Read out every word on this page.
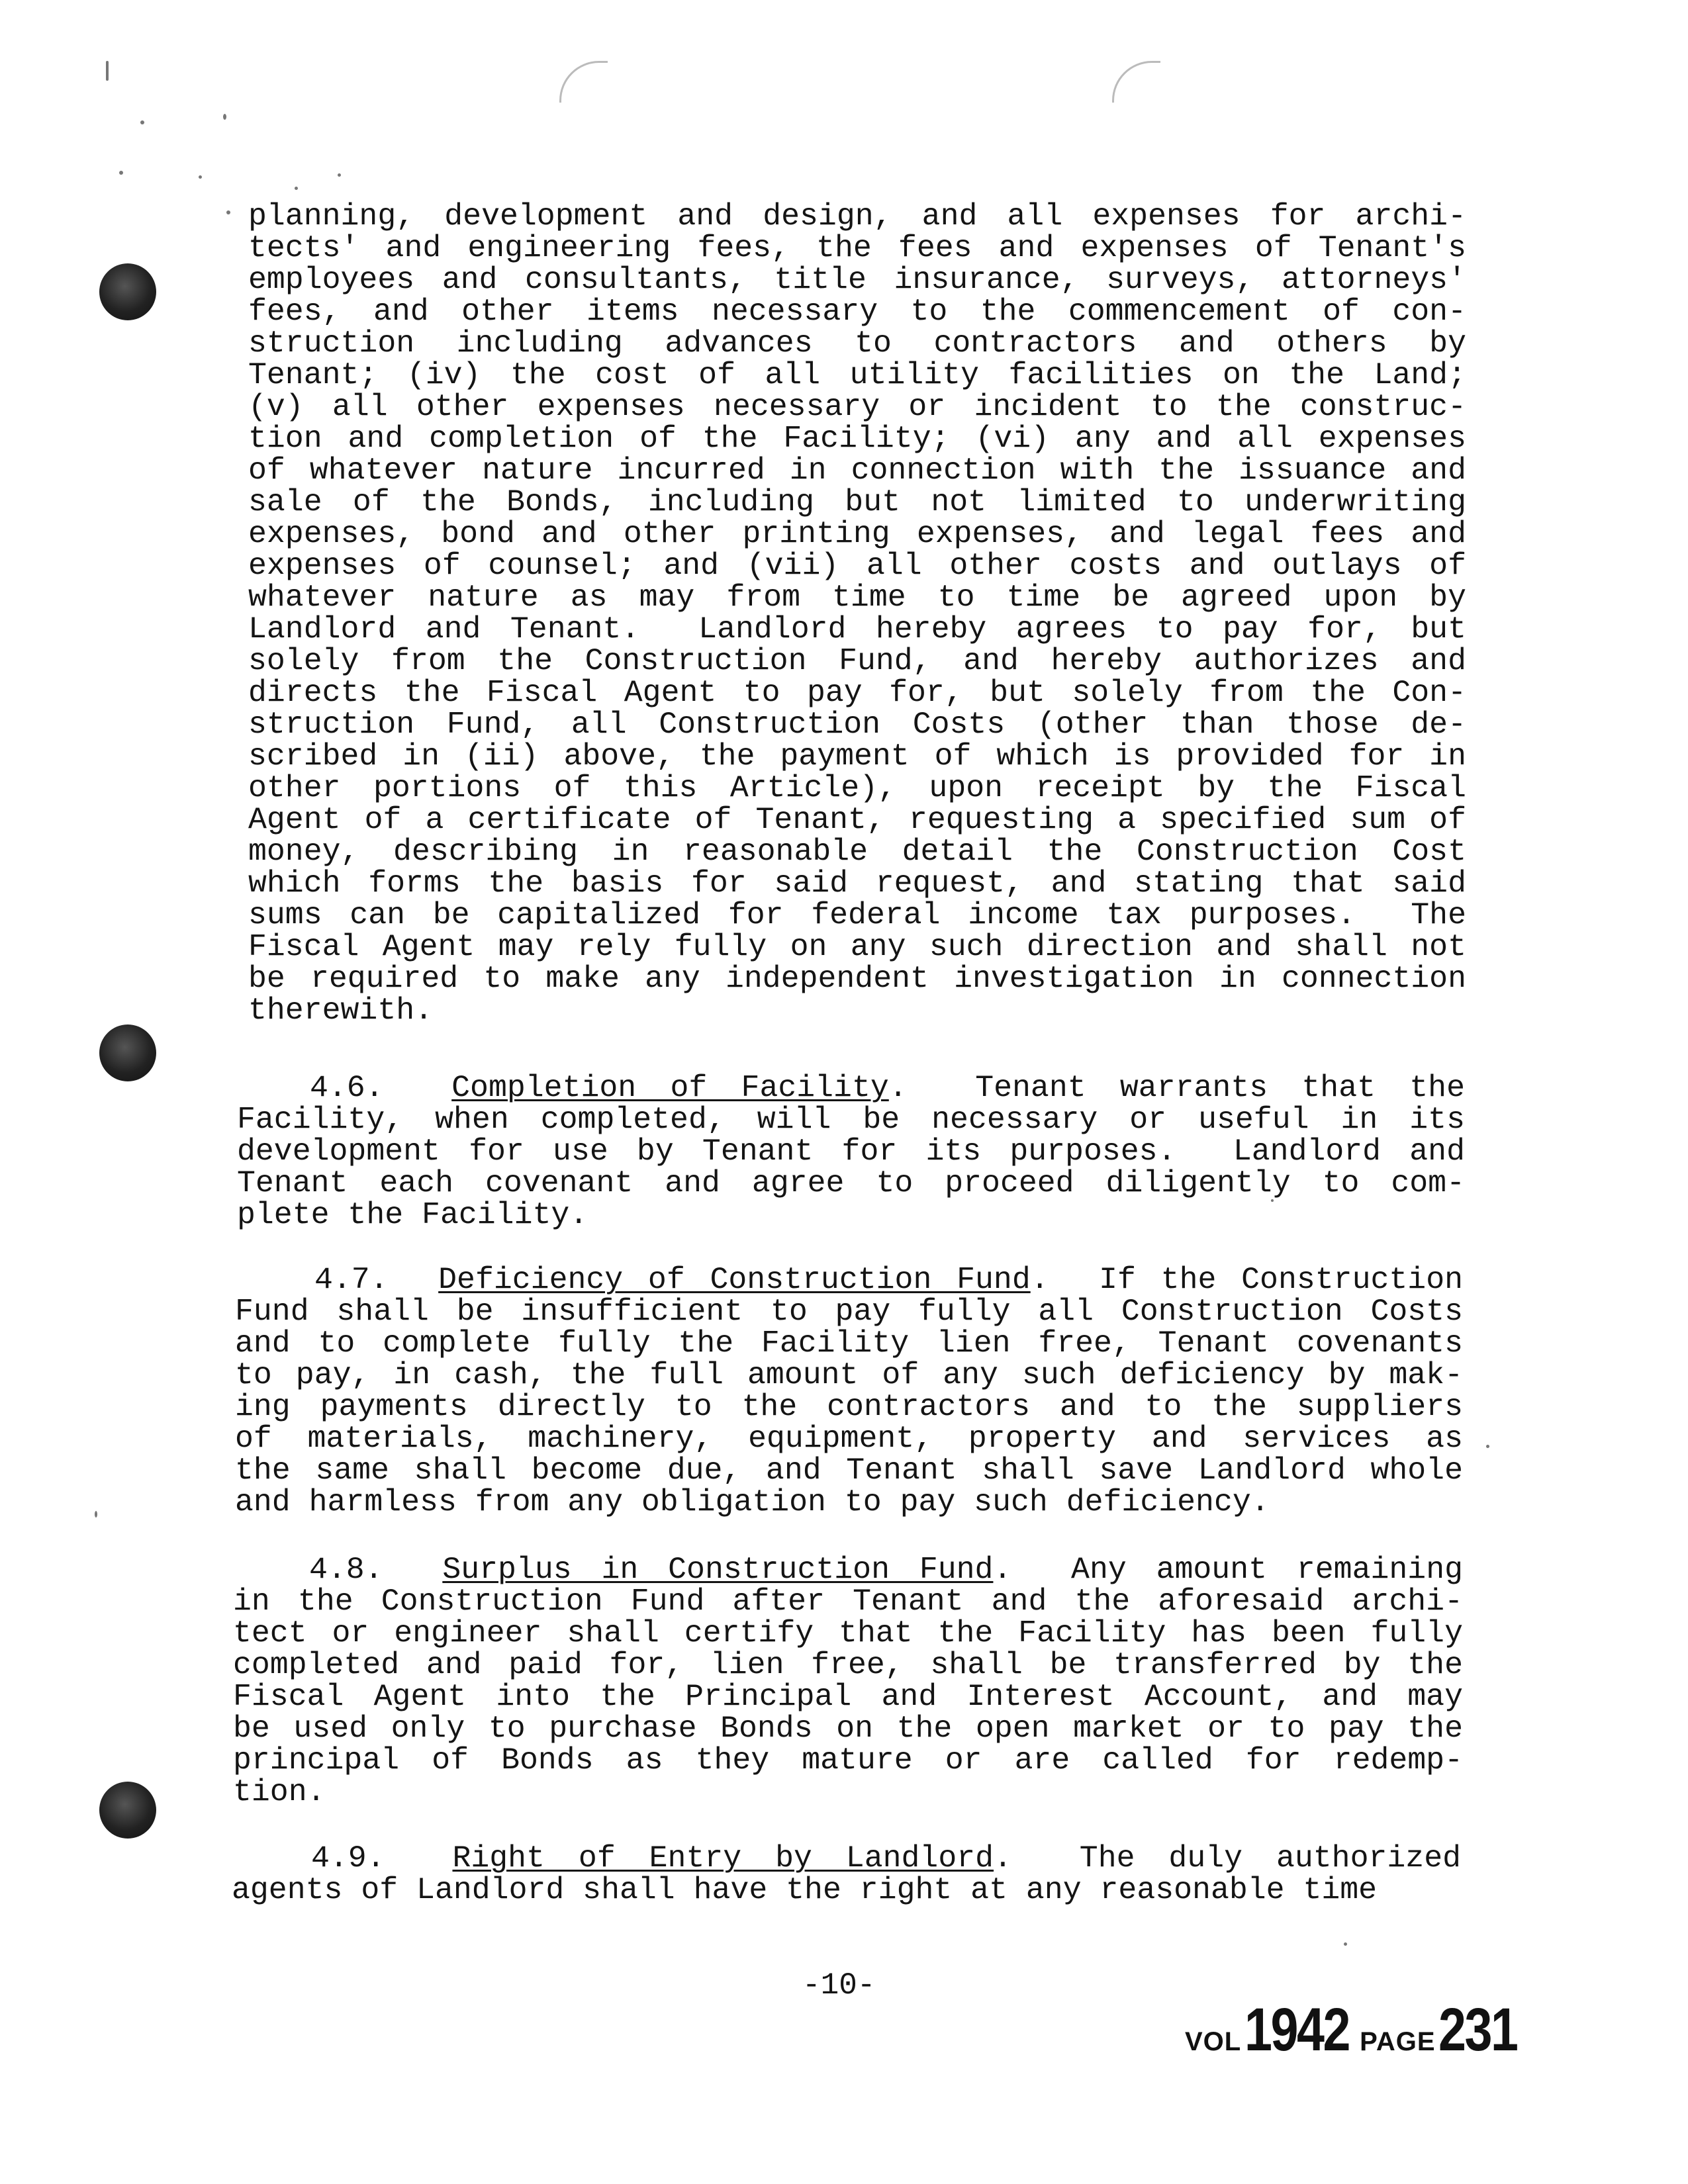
planning, development and design, and all expenses for archi-
tects' and engineering fees, the fees and expenses of Tenant's
employees and consultants, title insurance, surveys, attorneys'
fees, and other items necessary to the commencement of con-
struction including advances to contractors and others by
Tenant; (iv) the cost of all utility facilities on the Land;
(v) all other expenses necessary or incident to the construc-
tion and completion of the Facility; (vi) any and all expenses
of whatever nature incurred in connection with the issuance and
sale of the Bonds, including but not limited to underwriting
expenses, bond and other printing expenses, and legal fees and
expenses of counsel; and (vii) all other costs and outlays of
whatever nature as may from time to time be agreed upon by
Landlord and Tenant.  Landlord hereby agrees to pay for, but
solely from the Construction Fund, and hereby authorizes and
directs the Fiscal Agent to pay for, but solely from the Con-
struction Fund, all Construction Costs (other than those de-
scribed in (ii) above, the payment of which is provided for in
other portions of this Article), upon receipt by the Fiscal
Agent of a certificate of Tenant, requesting a specified sum of
money, describing in reasonable detail the Construction Cost
which forms the basis for said request, and stating that said
sums can be capitalized for federal income tax purposes.  The
Fiscal Agent may rely fully on any such direction and shall not
be required to make any independent investigation in connection
therewith.
4.6. Completion of Facility.  Tenant warrants that the
Facility, when completed, will be necessary or useful in its
development for use by Tenant for its purposes.  Landlord and
Tenant each covenant and agree to proceed diligently to com-
plete the Facility.
4.7. Deficiency of Construction Fund.  If the Construction
Fund shall be insufficient to pay fully all Construction Costs
and to complete fully the Facility lien free, Tenant covenants
to pay, in cash, the full amount of any such deficiency by mak-
ing payments directly to the contractors and to the suppliers
of materials, machinery, equipment, property and services as
the same shall become due, and Tenant shall save Landlord whole
and harmless from any obligation to pay such deficiency.
4.8. Surplus in Construction Fund.  Any amount remaining
in the Construction Fund after Tenant and the aforesaid archi-
tect or engineer shall certify that the Facility has been fully
completed and paid for, lien free, shall be transferred by the
Fiscal Agent into the Principal and Interest Account, and may
be used only to purchase Bonds on the open market or to pay the
principal of Bonds as they mature or are called for redemp-
tion.
4.9. Right of Entry by Landlord.  The duly authorized
agents of Landlord shall have the right at any reasonable time
-10-
VOL 1942 PAGE 231
